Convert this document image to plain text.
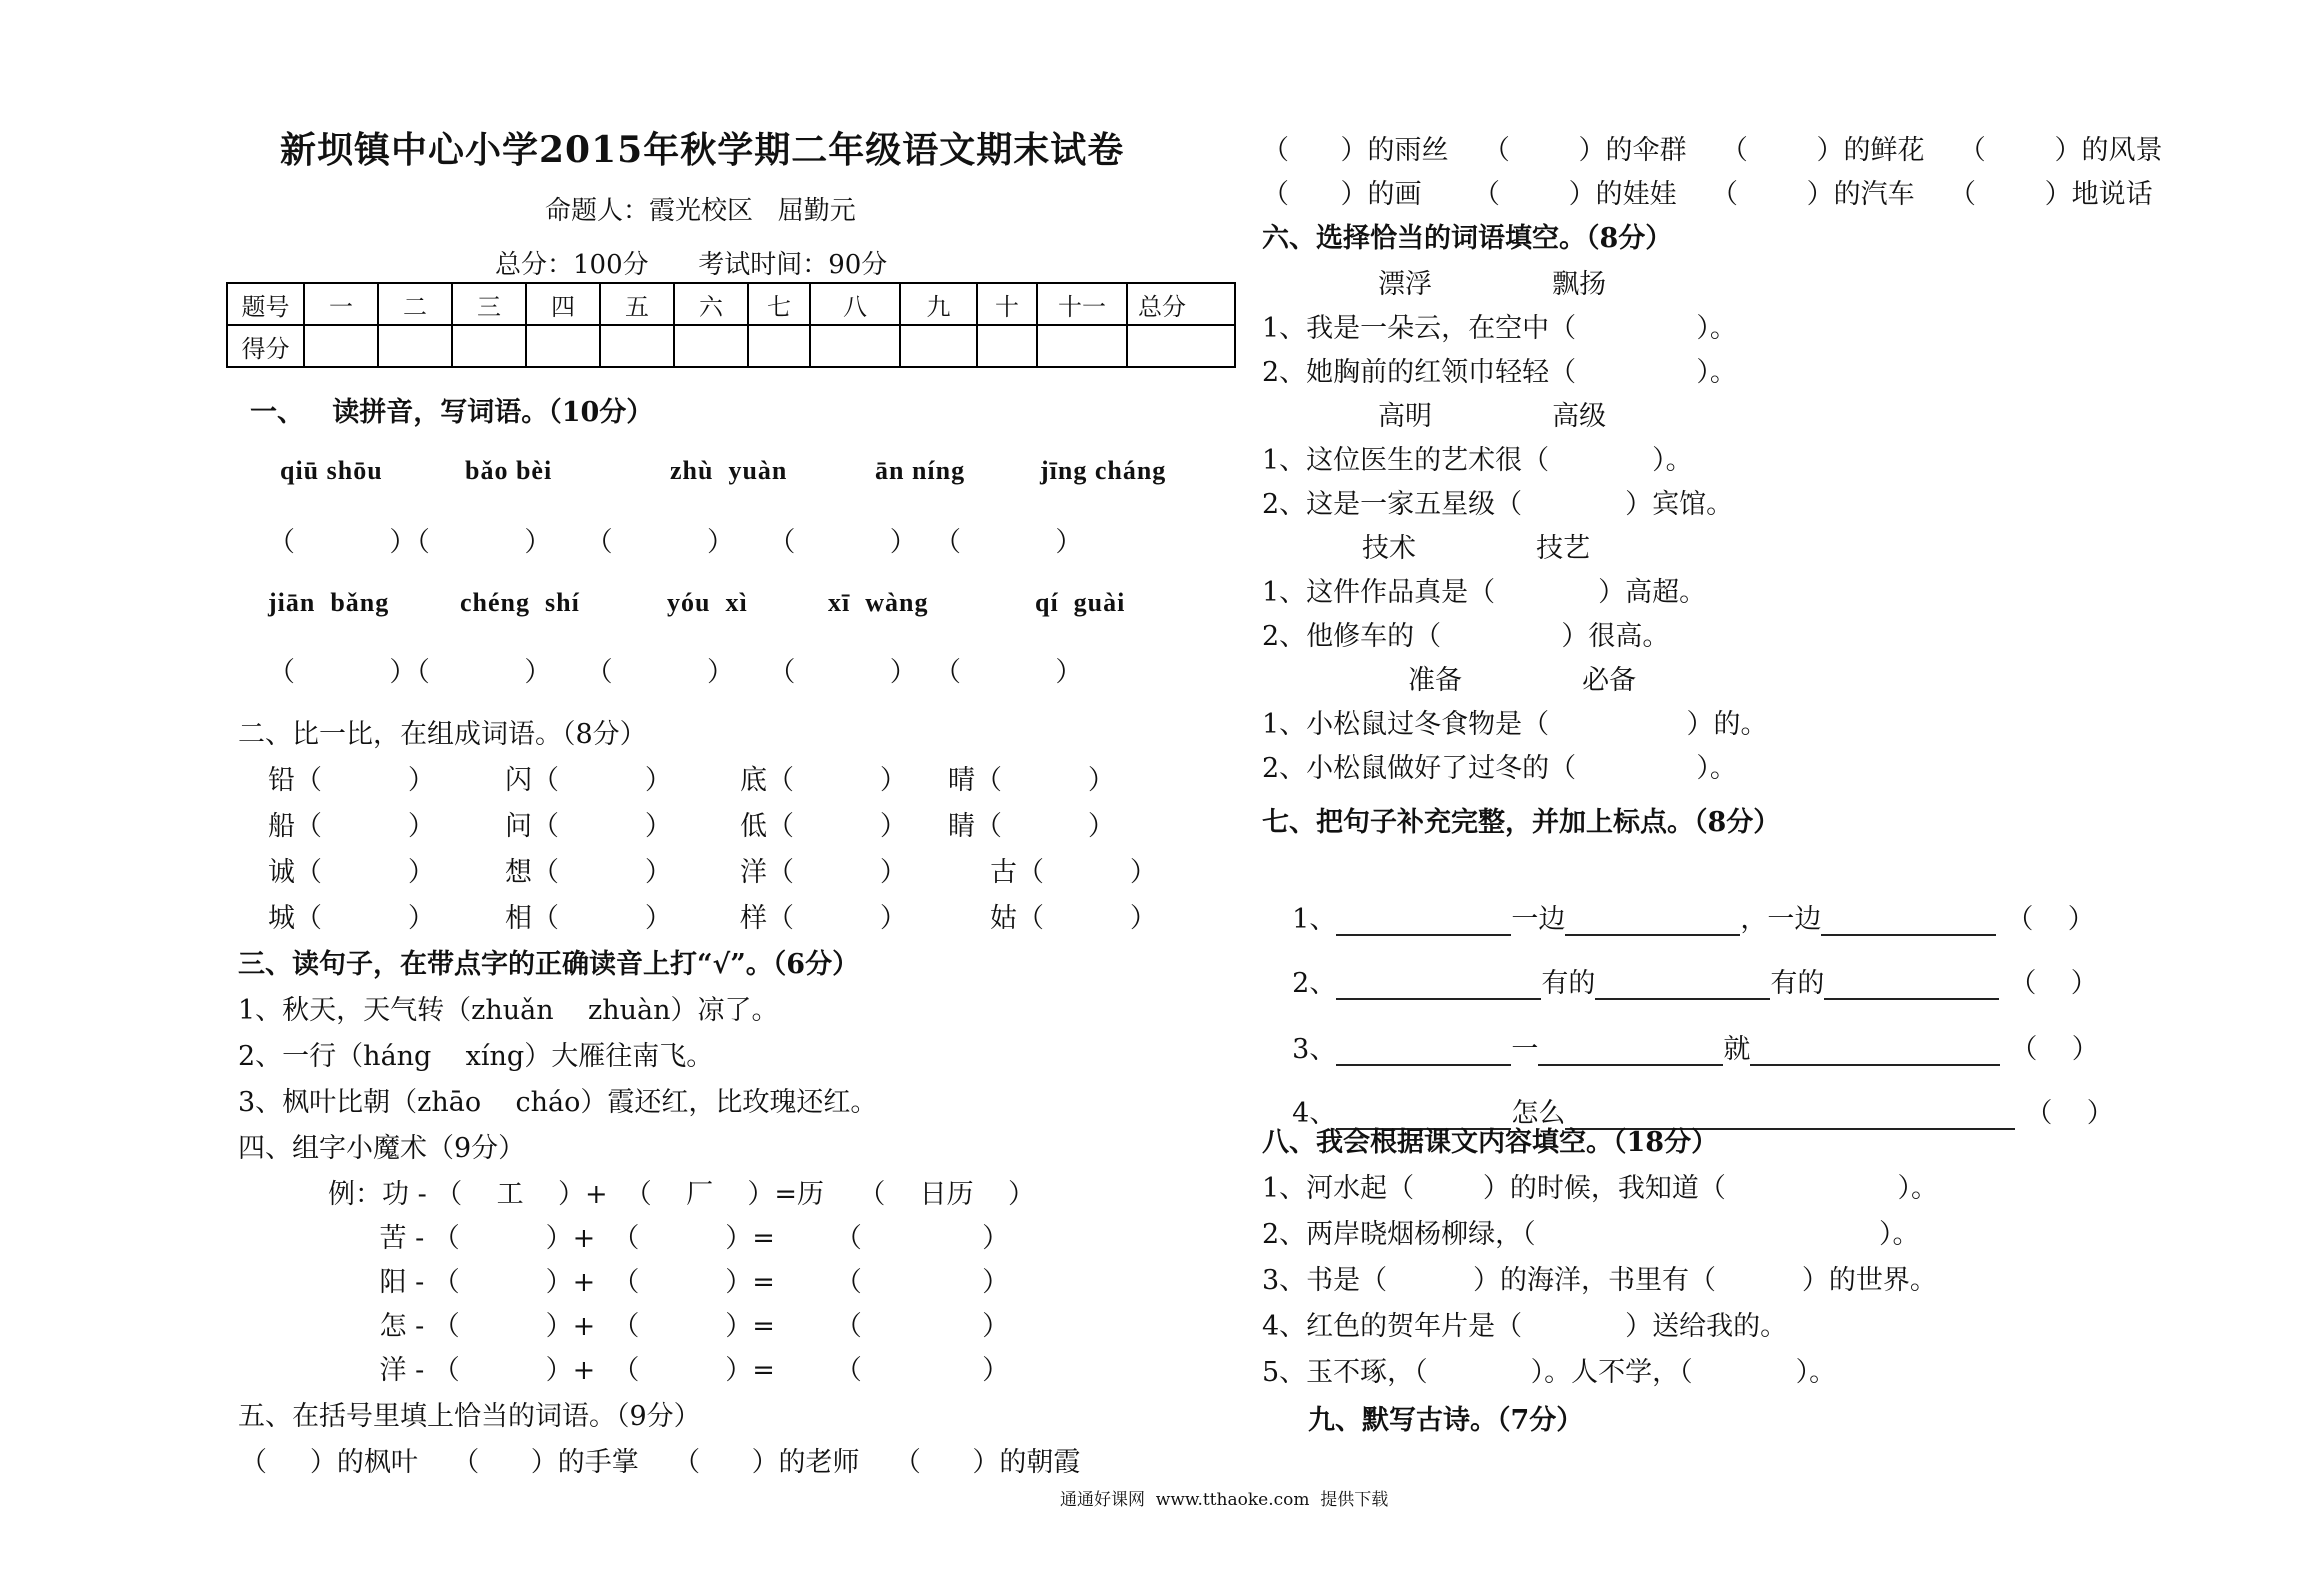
新坝镇中心小学2015年秋学期二年级语文期末试卷
命题人：霞光校区   屈勤元
总分：100分      考试时间：90分
题号	一	二	三	四	五	六	七	八	九	十	十一	总分
得分												
一、   读拼音，写词语。（10分）
qiū shōu	bǎo bèi	zhù  yuàn	ān níng	jīng cháng
（           ）（           ）    （           ）    （           ）  （           ）
jiān  bǎng	chéng  shí	yóu  xì	xī  wàng	qí  guài
（           ）（           ）    （           ）    （           ）  （           ）
二、比一比，在组成词语。（8分）
铅（          ）	闪（          ）	底（          ） 晴（          ）
船（          ）	问（          ）	低（          ） 睛（          ）
诚（          ）	想（          ）	洋（          ）	古（          ）
城（          ）	相（          ）	样（          ）	姑（          ）
三、读句子，在带点字的正确读音上打“√”。（6分）
1、秋天，天气转（zhuǎn    zhuàn）凉了。
2、一行（háng    xíng）大雁往南飞。
3、枫叶比朝（zhāo    cháo）霞还红，比玫瑰还红。
四、组字小魔术（9分）
例：功 - （    工    ）+  （    厂    ）=历    （    日历    ）
苦 - （          ）+  （          ）=       （              ）
阳 - （          ）+  （          ）=       （              ）
怎 - （          ）+  （          ）=       （              ）
洋 - （          ）+  （          ）=       （              ）
五、在括号里填上恰当的词语。（9分）
（     ）的枫叶    （      ）的手掌    （      ）的老师    （      ）的朝霞
（      ）的雨丝    （        ）的伞群    （        ）的鲜花    （        ）的风景
（      ）的画      （        ）的娃娃    （        ）的汽车    （        ）地说话
六、选择恰当的词语填空。（8分）
漂浮              飘扬
1、我是一朵云，在空中（              ）。
2、她胸前的红领巾轻轻（              ）。
高明              高级
1、这位医生的艺术很（            ）。
2、这是一家五星级（            ）宾馆。
技术              技艺
1、这件作品真是（            ）高超。
2、他修车的（              ）很高。
准备              必备
1、小松鼠过冬食物是（                ）的。
2、小松鼠做好了过冬的（              ）。
七、把句子补充完整，并加上标点。（8分）

1、	一边	，一边	（    ）

2、	有的	有的	（    ）

3、	一	就	（    ）

4、	怎么	（    ）

八、我会根据课文内容填空。（18分）
1、河水起（        ）的时候，我知道（                    ）。
2、两岸晓烟杨柳绿，（                                        ）。
3、书是（          ）的海洋，书里有（          ）的世界。
4、红色的贺年片是（            ）送给我的。
5、玉不琢，（            ）。人不学，（            ）。
九、默写古诗。（7分）
通通好课网  www.tthaoke.com  提供下载
